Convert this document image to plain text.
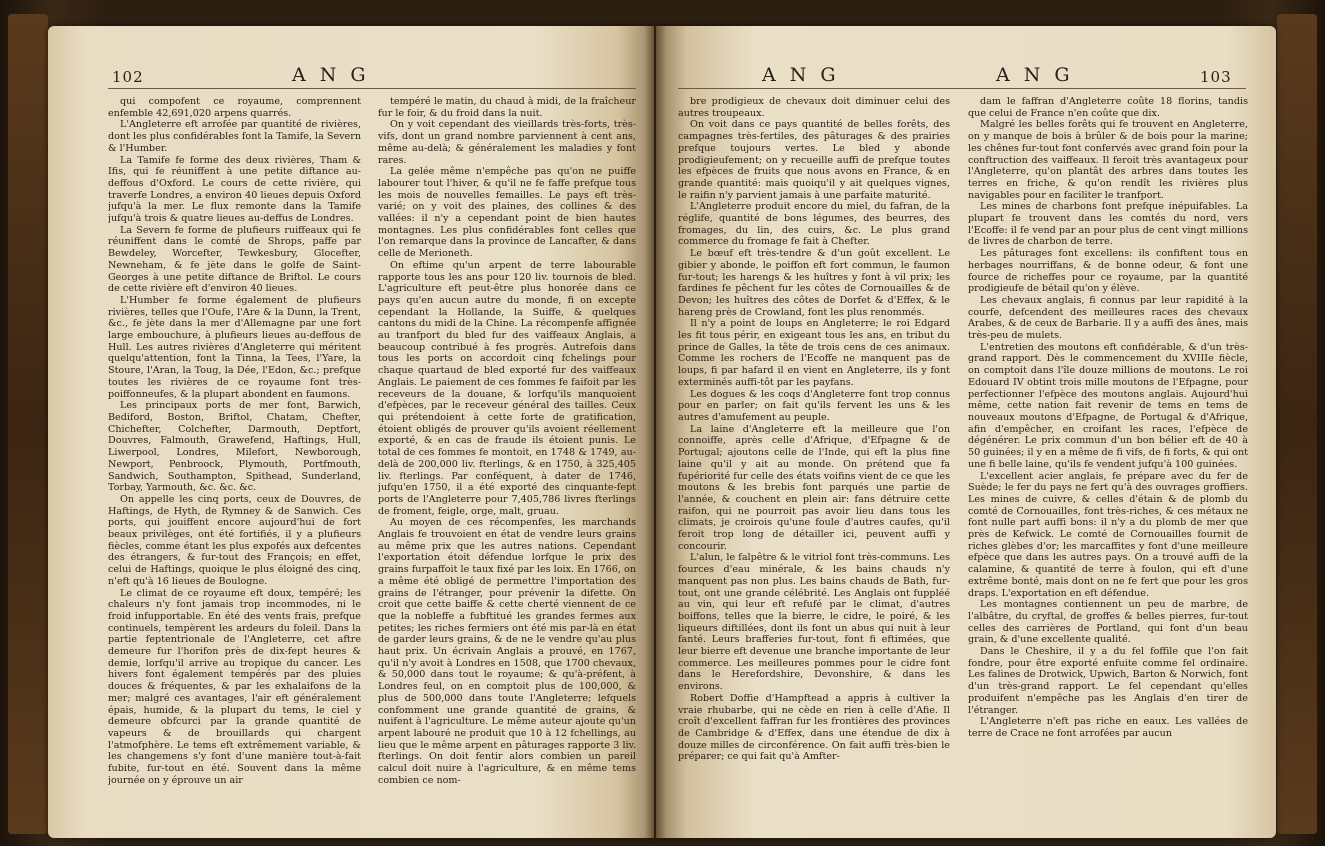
102	A N G

qui compofent ce royaume, comprennent enfemble 42,691,020 arpens quarrés.

L'Angleterre eft arrofée par quantité de rivières, dont les plus confidérables font la Tamife, la Severn & l'Humber.

La Tamife fe forme des deux rivières, Tham & Ifis, qui fe réuniffent à une petite diftance au-deffous d'Oxford. Le cours de cette rivière, qui traverfe Londres, a environ 40 lieues depuis Oxford jufqu'à la mer. Le flux remonte dans la Tamife jufqu'à trois & quatre lieues au-deffus de Londres.

La Severn fe forme de plufieurs ruiffeaux qui fe réuniffent dans le comté de Shrops, paffe par Bewdeley, Worcefter, Tewkesbury, Glocefter, Newneham, & fe jète dans le golfe de Saint-Georges à une petite diftance de Briftol. Le cours de cette rivière eft d'environ 40 lieues.

L'Humber fe forme également de plufieurs rivières, telles que l'Oufe, l'Are & la Dunn, la Trent, &c., fe jète dans la mer d'Allemagne par une fort large embouchure, à plufieurs lieues au-deffous de Hull. Les autres rivières d'Angleterre qui méritent quelqu'attention, font la Tinna, la Tees, l'Yare, la Stoure, l'Aran, la Toug, la Dée, l'Edon, &c.; prefque toutes les rivières de ce royaume font très-poiffonneufes, & la plupart abondent en faumons.

Les principaux ports de mer font, Barwich, Bediford, Boston, Briftol, Chatam, Chefter, Chichefter, Colchefter, Darmouth, Deptfort, Douvres, Falmouth, Grawefend, Haftings, Hull, Liwerpool, Londres, Milefort, Newborough, Newport, Penbroock, Plymouth, Portfmouth, Sandwich, Southampton, Spithead, Sunderland, Torbay, Yarmouth, &c. &c. &c.

On appelle les cinq ports, ceux de Douvres, de Haftings, de Hyth, de Rymney & de Sanwich. Ces ports, qui jouiffent encore aujourd'hui de fort beaux privilèges, ont été fortifiés, il y a plufieurs fiècles, comme étant les plus expofés aux defcentes des étrangers, & fur-tout des François; en effet, celui de Haftings, quoique le plus éloigné des cinq, n'eft qu'à 16 lieues de Boulogne.

Le climat de ce royaume eft doux, tempéré; les chaleurs n'y font jamais trop incommodes, ni le froid infupportable. En été des vents frais, prefque continuels, tempèrent les ardeurs du foleil. Dans la partie feptentrionale de l'Angleterre, cet aftre demeure fur l'horifon près de dix-fept heures & demie, lorfqu'il arrive au tropique du cancer. Les hivers font également tempérés par des pluies douces & fréquentes, & par les exhalaifons de la mer; malgré ces avantages, l'air eft généralement épais, humide, & la plupart du tems, le ciel y demeure obfcurci par la grande quantité de vapeurs & de brouillards qui chargent l'atmofphère. Le tems eft extrêmement variable, & les changemens s'y font d'une manière tout-à-fait fubite, fur-tout en été. Souvent dans la même journée on y éprouve un air

tempéré le matin, du chaud à midi, de la fraîcheur fur le foir, & du froid dans la nuit.

On y voit cependant des vieillards très-forts, très-vifs, dont un grand nombre parviennent à cent ans, même au-delà; & généralement les maladies y font rares.

La gelée même n'empêche pas qu'on ne puiffe labourer tout l'hiver, & qu'il ne fe faffe prefque tous les mois de nouvelles femailles. Le pays eft très-varié; on y voit des plaines, des collines & des vallées: il n'y a cependant point de bien hautes montagnes. Les plus confidérables font celles que l'on remarque dans la province de Lancafter, & dans celle de Merioneth.

On eftime qu'un arpent de terre labourable rapporte tous les ans pour 120 liv. tournois de bled. L'agriculture eft peut-être plus honorée dans ce pays qu'en aucun autre du monde, fi on excepte cependant la Hollande, la Suiffe, & quelques cantons du midi de la Chine. La récompenfe affignée au tranfport du bled fur des vaiffeaux Anglais, a beaucoup contribué à fes progrès. Autrefois dans tous les ports on accordoit cinq fchelings pour chaque quartaud de bled exporté fur des vaiffeaux Anglais. Le paiement de ces fommes fe faifoit par les receveurs de la douane, & lorfqu'ils manquoient d'efpèces, par le receveur général des tailles. Ceux qui prétendoient à cette forte de gratification, étoient obligés de prouver qu'ils avoient réellement exporté, & en cas de fraude ils étoient punis. Le total de ces fommes fe montoit, en 1748 & 1749, au-delà de 200,000 liv. fterlings, & en 1750, à 325,405 liv. fterlings. Par conféquent, à dater de 1746, jufqu'en 1750, il a été exporté des cinquante-fept ports de l'Angleterre pour 7,405,786 livres fterlings de froment, feigle, orge, malt, gruau.

Au moyen de ces récompenfes, les marchands Anglais fe trouvoient en état de vendre leurs grains au même prix que les autres nations. Cependant l'exportation étoit défendue lorfque le prix des grains furpaffoit le taux fixé par les loix. En 1766, on a même été obligé de permettre l'importation des grains de l'étranger, pour prévenir la difette. On croit que cette baiffe & cette cherté viennent de ce que la nobleffe a fubftitué les grandes fermes aux petites; les riches fermiers ont été mis par-là en état de garder leurs grains, & de ne le vendre qu'au plus haut prix. Un écrivain Anglais a prouvé, en 1767, qu'il n'y avoit à Londres en 1508, que 1700 chevaux, & 50,000 dans tout le royaume; & qu'à-préfent, à Londres feul, on en comptoit plus de 100,000, & plus de 500,000 dans toute l'Angleterre; lefquels confomment une grande quantité de grains, & nuifent à l'agriculture. Le même auteur ajoute qu'un arpent labouré ne produit que 10 à 12 fchellings, au lieu que le même arpent en pâturages rapporte 3 liv. fterlings. On doit fentir alors combien un pareil calcul doit nuire à l'agriculture, & en même tems combien ce nom-

A N G	A N G	103

bre prodigieux de chevaux doit diminuer celui des autres troupeaux.

On voit dans ce pays quantité de belles forêts, des campagnes très-fertiles, des pâturages & des prairies prefque toujours vertes. Le bled y abonde prodigieufement; on y recueille auffi de prefque toutes les efpèces de fruits que nous avons en France, & en grande quantité: mais quoiqu'il y ait quelques vignes, le raifin n'y parvient jamais à une parfaite maturité.

L'Angleterre produit encore du miel, du fafran, de la réglife, quantité de bons légumes, des beurres, des fromages, du lin, des cuirs, &c. Le plus grand commerce du fromage fe fait à Chefter.

Le bœuf eft très-tendre & d'un goût excellent. Le gibier y abonde, le poiffon eft fort commun, le faumon fur-tout; les harengs & les huîtres y font à vil prix; les fardines fe pêchent fur les côtes de Cornouailles & de Devon; les huîtres des côtes de Dorfet & d'Effex, & le hareng près de Crowland, font les plus renommés.

Il n'y a point de loups en Angleterre; le roi Edgard les fit tous périr, en exigeant tous les ans, en tribut du prince de Galles, la tête de trois cens de ces animaux. Comme les rochers de l'Ecoffe ne manquent pas de loups, fi par hafard il en vient en Angleterre, ils y font exterminés auffi-tôt par les payfans.

Les dogues & les coqs d'Angleterre font trop connus pour en parler; on fait qu'ils fervent les uns & les autres d'amufement au peuple.

La laine d'Angleterre eft la meilleure que l'on connoiffe, après celle d'Afrique, d'Efpagne & de Portugal; ajoutons celle de l'Inde, qui eft la plus fine laine qu'il y ait au monde. On prétend que fa fupériorité fur celle des états voifins vient de ce que les moutons & les brebis font parqués une partie de l'année, & couchent en plein air: fans détruire cette raifon, qui ne pourroit pas avoir lieu dans tous les climats, je croirois qu'une foule d'autres caufes, qu'il feroit trop long de détailler ici, peuvent auffi y concourir.

L'alun, le falpêtre & le vitriol font très-communs. Les fources d'eau minérale, & les bains chauds n'y manquent pas non plus. Les bains chauds de Bath, fur-tout, ont une grande célébrité. Les Anglais ont fuppléé au vin, qui leur eft refufé par le climat, d'autres boiffons, telles que la bierre, le cidre, le poiré, & les liqueurs diftillées, dont ils font un abus qui nuit à leur fanté. Leurs brafferies fur-tout, font fi eftimées, que leur bierre eft devenue une branche importante de leur commerce. Les meilleures pommes pour le cidre font dans le Herefordshire, Devonshire, & dans les environs.

Robert Doffie d'Hampftead a appris à cultiver la vraie rhubarbe, qui ne cède en rien à celle d'Afie. Il croît d'excellent faffran fur les frontières des provinces de Cambridge & d'Effex, dans une étendue de dix à douze milles de circonférence. On fait auffi très-bien le préparer; ce qui fait qu'à Amfter-

dam le faffran d'Angleterre coûte 18 florins, tandis que celui de France n'en coûte que dix.

Malgré les belles forêts qui fe trouvent en Angleterre, on y manque de bois à brûler & de bois pour la marine; les chênes fur-tout font confervés avec grand foin pour la conftruction des vaiffeaux. Il feroit très avantageux pour l'Angleterre, qu'on plantât des arbres dans toutes les terres en friche, & qu'on rendît les rivières plus navigables pour en faciliter le tranfport.

Les mines de charbons font prefque inépuifables. La plupart fe trouvent dans les comtés du nord, vers l'Ecoffe: il fe vend par an pour plus de cent vingt millions de livres de charbon de terre.

Les pâturages font excellens: ils confiftent tous en herbages nourriffans, & de bonne odeur, & font une fource de richeffes pour ce royaume, par la quantité prodigieufe de bétail qu'on y élève.

Les chevaux anglais, fi connus par leur rapidité à la courfe, defcendent des meilleures races des chevaux Arabes, & de ceux de Barbarie. Il y a auffi des ânes, mais très-peu de mulets.

L'entretien des moutons eft confidérable, & d'un très-grand rapport. Dès le commencement du XVIIIe fiècle, on comptoit dans l'île douze millions de moutons. Le roi Edouard IV obtint trois mille moutons de l'Efpagne, pour perfectionner l'efpèce des moutons anglais. Aujourd'hui même, cette nation fait revenir de tems en tems de nouveaux moutons d'Efpagne, de Portugal & d'Afrique, afin d'empêcher, en croifant les races, l'efpèce de dégénérer. Le prix commun d'un bon bélier eft de 40 à 50 guinées; il y en a même de fi vifs, de fi forts, & qui ont une fi belle laine, qu'ils fe vendent jufqu'à 100 guinées.

L'excellent acier anglais, fe prépare avec du fer de Suède; le fer du pays ne fert qu'à des ouvrages groffiers. Les mines de cuivre, & celles d'étain & de plomb du comté de Cornouailles, font très-riches, & ces métaux ne font nulle part auffi bons: il n'y a du plomb de mer que près de Kefwick. Le comté de Cornouailles fournit de riches glèbes d'or; les marcaffites y font d'une meilleure efpèce que dans les autres pays. On a trouvé auffi de la calamine, & quantité de terre à foulon, qui eft d'une extrême bonté, mais dont on ne fe fert que pour les gros draps. L'exportation en eft défendue.

Les montagnes contiennent un peu de marbre, de l'albâtre, du cryftal, de groffes & belles pierres, fur-tout celles des carrières de Portland, qui font d'un beau grain, & d'une excellente qualité.

Dans le Cheshire, il y a du fel foffile que l'on fait fondre, pour être exporté enfuite comme fel ordinaire. Les falines de Drotwick, Upwich, Barton & Norwich, font d'un très-grand rapport. Le fel cependant qu'elles produifent n'empêche pas les Anglais d'en tirer de l'étranger.

L'Angleterre n'eft pas riche en eaux. Les vallées de terre de Crace ne font arrofées par aucun
